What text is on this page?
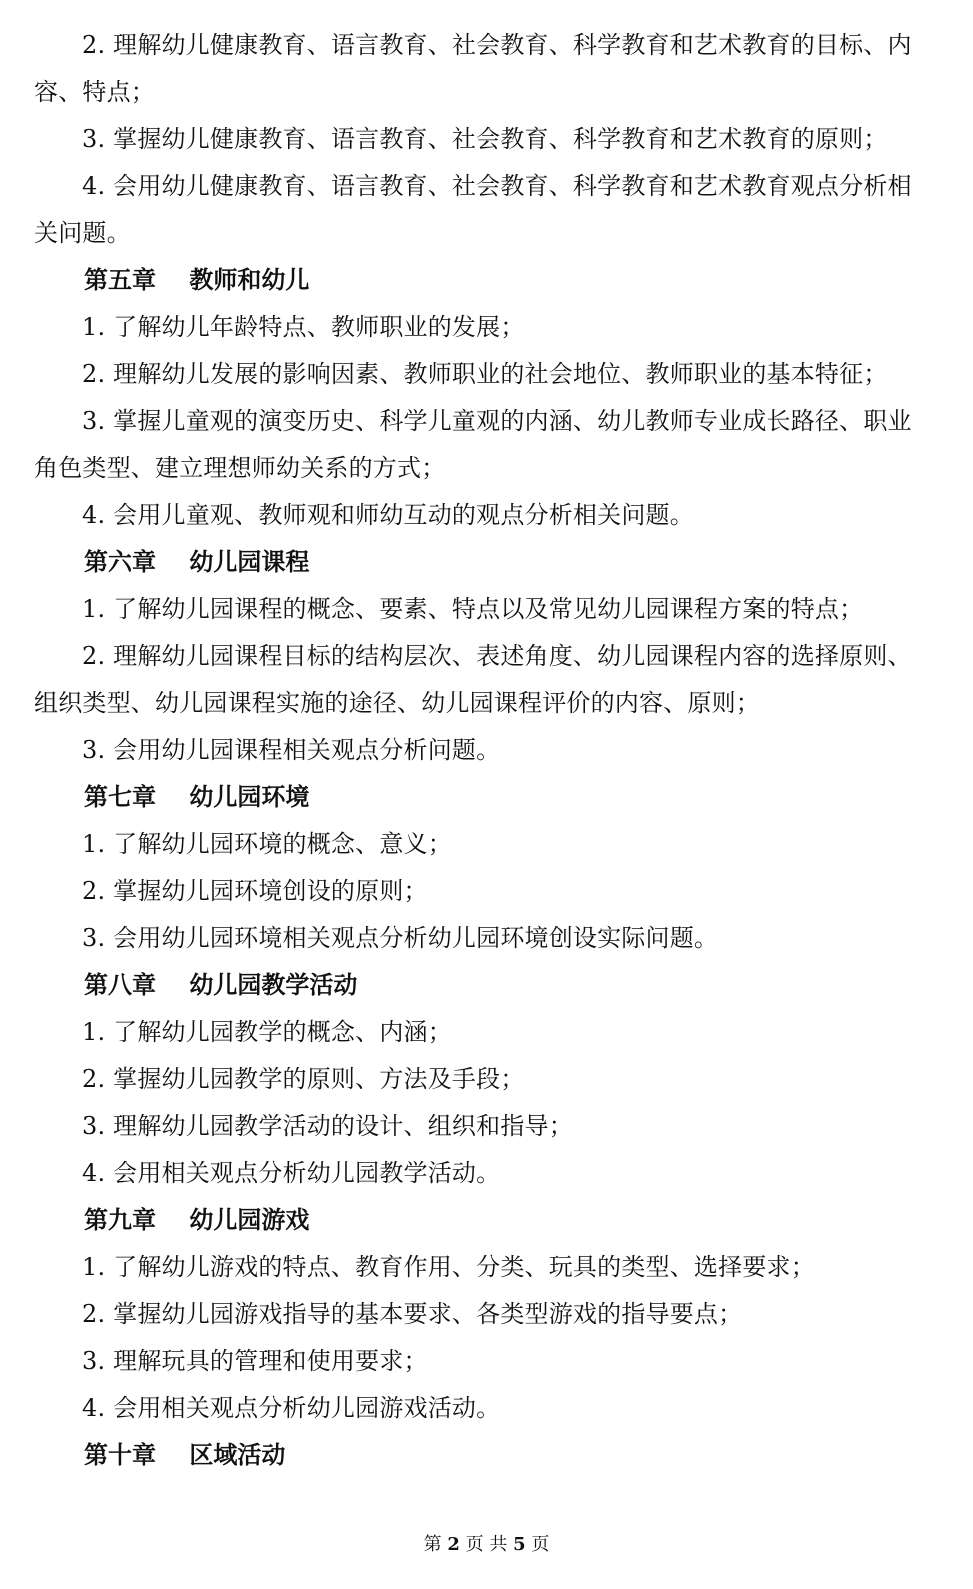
2. 理解幼儿健康教育、语言教育、社会教育、科学教育和艺术教育的目标、内容、特点；

3. 掌握幼儿健康教育、语言教育、社会教育、科学教育和艺术教育的原则；

4. 会用幼儿健康教育、语言教育、社会教育、科学教育和艺术教育观点分析相关问题。

第五章    教师和幼儿

1. 了解幼儿年龄特点、教师职业的发展；

2. 理解幼儿发展的影响因素、教师职业的社会地位、教师职业的基本特征；

3. 掌握儿童观的演变历史、科学儿童观的内涵、幼儿教师专业成长路径、职业角色类型、建立理想师幼关系的方式；

4. 会用儿童观、教师观和师幼互动的观点分析相关问题。

第六章    幼儿园课程

1. 了解幼儿园课程的概念、要素、特点以及常见幼儿园课程方案的特点；

2. 理解幼儿园课程目标的结构层次、表述角度、幼儿园课程内容的选择原则、组织类型、幼儿园课程实施的途径、幼儿园课程评价的内容、原则；

3. 会用幼儿园课程相关观点分析问题。

第七章    幼儿园环境

1. 了解幼儿园环境的概念、意义；

2. 掌握幼儿园环境创设的原则；

3. 会用幼儿园环境相关观点分析幼儿园环境创设实际问题。

第八章    幼儿园教学活动

1. 了解幼儿园教学的概念、内涵；

2. 掌握幼儿园教学的原则、方法及手段；

3. 理解幼儿园教学活动的设计、组织和指导；

4. 会用相关观点分析幼儿园教学活动。

第九章    幼儿园游戏

1. 了解幼儿游戏的特点、教育作用、分类、玩具的类型、选择要求；

2. 掌握幼儿园游戏指导的基本要求、各类型游戏的指导要点；

3. 理解玩具的管理和使用要求；

4. 会用相关观点分析幼儿园游戏活动。

第十章    区域活动

第 2 页 共 5 页
